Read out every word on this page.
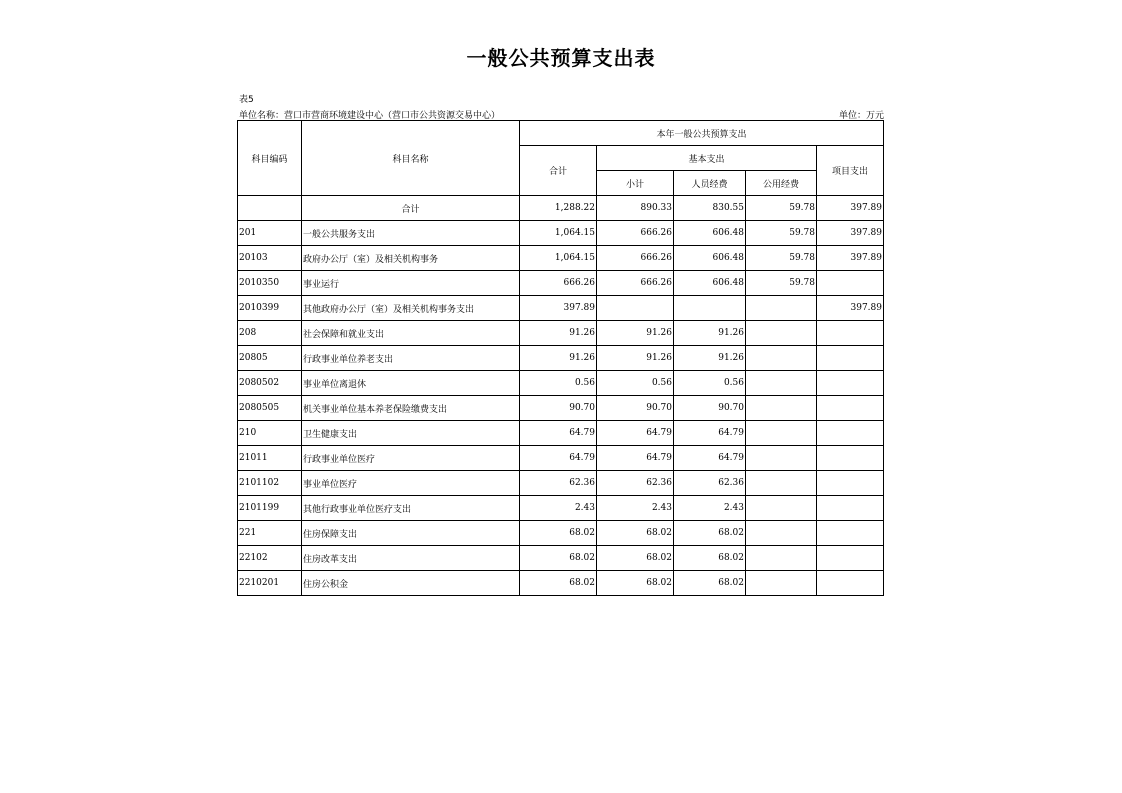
一般公共预算支出表
表5
单位名称：营口市营商环境建设中心（营口市公共资源交易中心）	单位：万元
科目编码	科目名称	本年一般公共预算支出				
		合计	基本支出			项目支出
			小计	人员经费	公用经费	
	合计	1,288.22	890.33	830.55	59.78	397.89
201	一般公共服务支出	1,064.15	666.26	606.48	59.78	397.89
20103	政府办公厅（室）及相关机构事务	1,064.15	666.26	606.48	59.78	397.89
2010350	事业运行	666.26	666.26	606.48	59.78	
2010399	其他政府办公厅（室）及相关机构事务支出	397.89				397.89
208	社会保障和就业支出	91.26	91.26	91.26		
20805	行政事业单位养老支出	91.26	91.26	91.26		
2080502	事业单位离退休	0.56	0.56	0.56		
2080505	机关事业单位基本养老保险缴费支出	90.70	90.70	90.70		
210	卫生健康支出	64.79	64.79	64.79		
21011	行政事业单位医疗	64.79	64.79	64.79		
2101102	事业单位医疗	62.36	62.36	62.36		
2101199	其他行政事业单位医疗支出	2.43	2.43	2.43		
221	住房保障支出	68.02	68.02	68.02		
22102	住房改革支出	68.02	68.02	68.02		
2210201	住房公积金	68.02	68.02	68.02		
